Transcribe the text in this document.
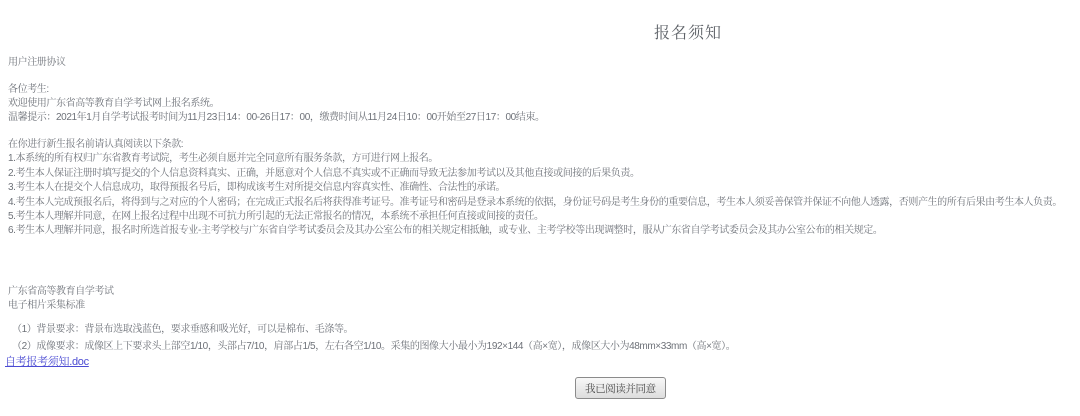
报名须知
用户注册协议
各位考生:
欢迎使用广东省高等教育自学考试网上报名系统。
温馨提示：2021年1月自学考试报考时间为11月23日14：00-26日17：00，缴费时间从11月24日10：00开始至27日17：00结束。
在你进行新生报名前请认真阅读以下条款:
1.本系统的所有权归广东省教育考试院，考生必须自愿并完全同意所有服务条款，方可进行网上报名。
2.考生本人保证注册时填写提交的个人信息资料真实、正确，并愿意对个人信息不真实或不正确而导致无法参加考试以及其他直接或间接的后果负责。
3.考生本人在提交个人信息成功，取得预报名号后，即构成该考生对所提交信息内容真实性、准确性、合法性的承诺。
4.考生本人完成预报名后，将得到与之对应的个人密码；在完成正式报名后将获得准考证号。准考证号和密码是登录本系统的依据，身份证号码是考生身份的重要信息，考生本人须妥善保管并保证不向他人透露，否则产生的所有后果由考生本人负责。
5.考生本人理解并同意，在网上报名过程中出现不可抗力所引起的无法正常报名的情况，本系统不承担任何直接或间接的责任。
6.考生本人理解并同意，报名时所选首报专业-主考学校与广东省自学考试委员会及其办公室公布的相关规定相抵触，或专业、主考学校等出现调整时，服从广东省自学考试委员会及其办公室公布的相关规定。
广东省高等教育自学考试
电子相片采集标准
（1）背景要求：背景布选取浅蓝色，要求垂感和吸光好，可以是棉布、毛涤等。
（2）成像要求：成像区上下要求头上部空1/10，头部占7/10，肩部占1/5，左右各空1/10。采集的图像大小最小为192×144（高×宽），成像区大小为48mm×33mm（高×宽）。
自考报考须知.doc
我已阅读并同意
